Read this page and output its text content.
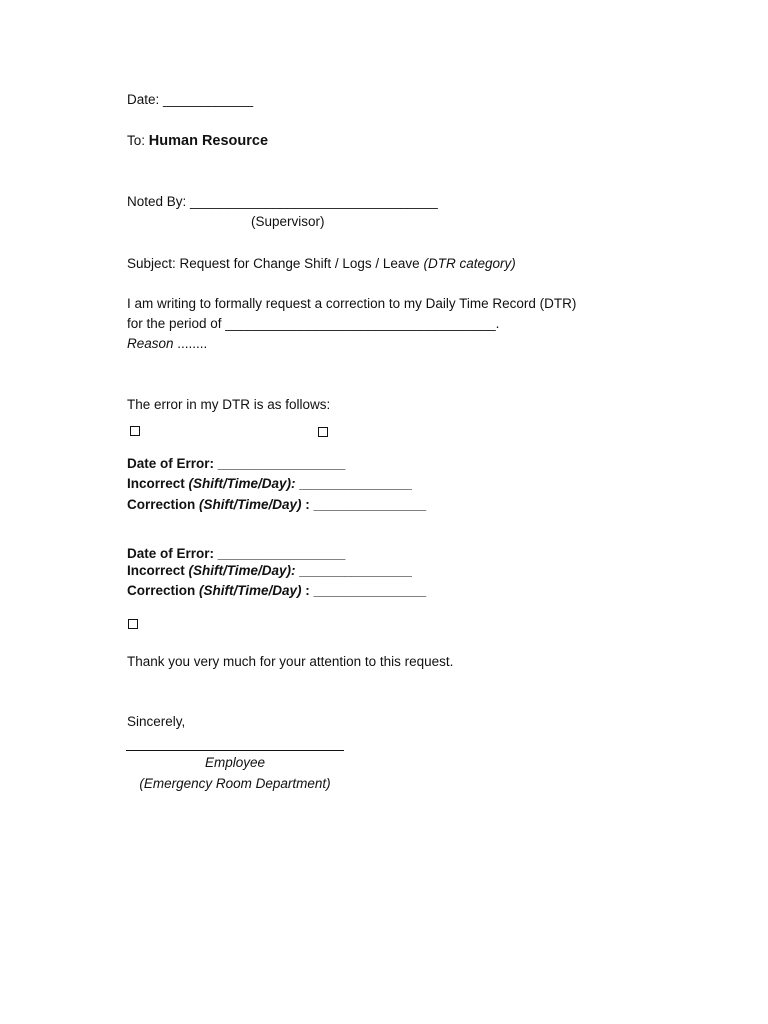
Date: ____________
To: Human Resource
Noted By: _________________________________
(Supervisor)
Subject: Request for Change Shift / Logs / Leave (DTR category)
I am writing to formally request a correction to my Daily Time Record (DTR)
for the period of ____________________________________.
Reason ........
The error in my DTR is as follows:
Date of Error: _________________
Incorrect (Shift/Time/Day): _______________
Correction (Shift/Time/Day) : _______________
Date of Error: _________________
Incorrect (Shift/Time/Day): _______________
Correction (Shift/Time/Day) : _______________
Thank you very much for your attention to this request.
Sincerely,
Employee
(Emergency Room Department)
